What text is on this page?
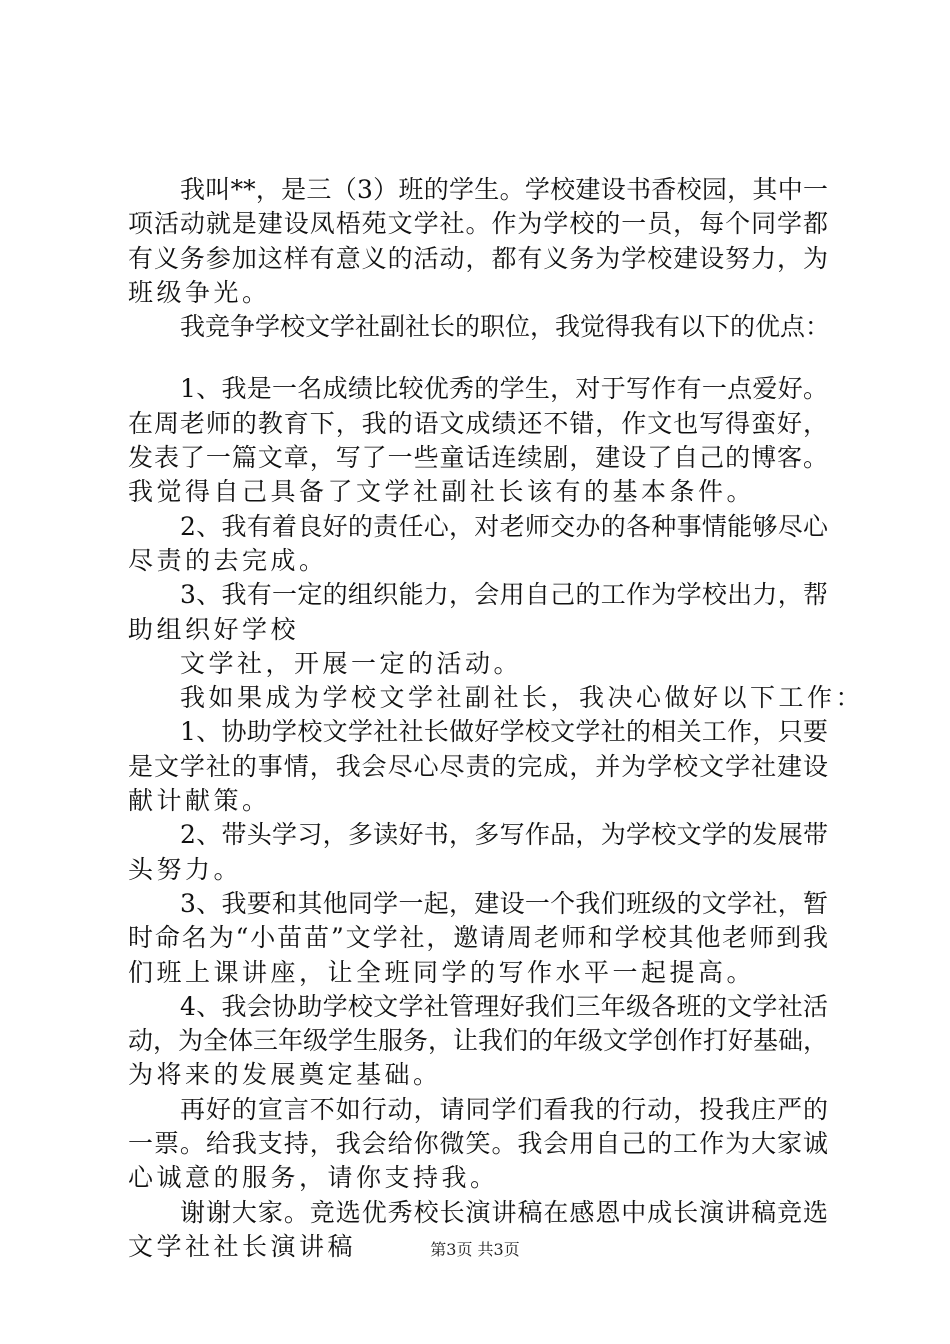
我叫**，是三（3）班的学生。学校建设书香校园，其中一
项活动就是建设凤梧苑文学社。作为学校的一员，每个同学都
有义务参加这样有意义的活动，都有义务为学校建设努力，为
班级争光。
我竞争学校文学社副社长的职位，我觉得我有以下的优点：
1、我是一名成绩比较优秀的学生，对于写作有一点爱好。
在周老师的教育下，我的语文成绩还不错，作文也写得蛮好，
发表了一篇文章，写了一些童话连续剧，建设了自己的博客。
我觉得自己具备了文学社副社长该有的基本条件。
2、我有着良好的责任心，对老师交办的各种事情能够尽心
尽责的去完成。
3、我有一定的组织能力，会用自己的工作为学校出力，帮
助组织好学校
文学社，开展一定的活动。
我如果成为学校文学社副社长，我决心做好以下工作：
1、协助学校文学社社长做好学校文学社的相关工作，只要
是文学社的事情，我会尽心尽责的完成，并为学校文学社建设
献计献策。
2、带头学习，多读好书，多写作品，为学校文学的发展带
头努力。
3、我要和其他同学一起，建设一个我们班级的文学社，暂
时命名为“小苗苗”文学社，邀请周老师和学校其他老师到我
们班上课讲座，让全班同学的写作水平一起提高。
4、我会协助学校文学社管理好我们三年级各班的文学社活
动，为全体三年级学生服务，让我们的年级文学创作打好基础，
为将来的发展奠定基础。
再好的宣言不如行动，请同学们看我的行动，投我庄严的
一票。给我支持，我会给你微笑。我会用自己的工作为大家诚
心诚意的服务，请你支持我。
谢谢大家。竞选优秀校长演讲稿在感恩中成长演讲稿竞选
文学社社长演讲稿	第3页 共3页
